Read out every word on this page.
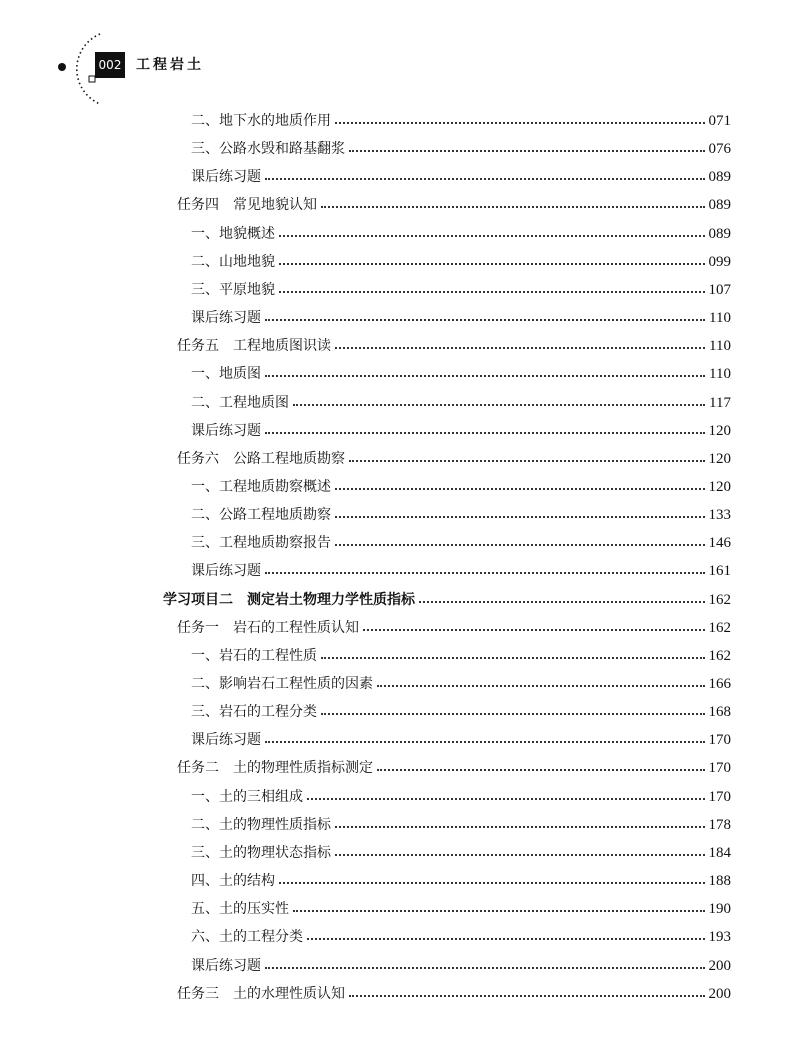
002 工程岩土
二、地下水的地质作用	071
三、公路水毁和路基翻浆	076
课后练习题	089
任务四　常见地貌认知	089
一、地貌概述	089
二、山地地貌	099
三、平原地貌	107
课后练习题	110
任务五　工程地质图识读	110
一、地质图	110
二、工程地质图	117
课后练习题	120
任务六　公路工程地质勘察	120
一、工程地质勘察概述	120
二、公路工程地质勘察	133
三、工程地质勘察报告	146
课后练习题	161
学习项目二　测定岩土物理力学性质指标	162
任务一　岩石的工程性质认知	162
一、岩石的工程性质	162
二、影响岩石工程性质的因素	166
三、岩石的工程分类	168
课后练习题	170
任务二　土的物理性质指标测定	170
一、土的三相组成	170
二、土的物理性质指标	178
三、土的物理状态指标	184
四、土的结构	188
五、土的压实性	190
六、土的工程分类	193
课后练习题	200
任务三　土的水理性质认知	200
